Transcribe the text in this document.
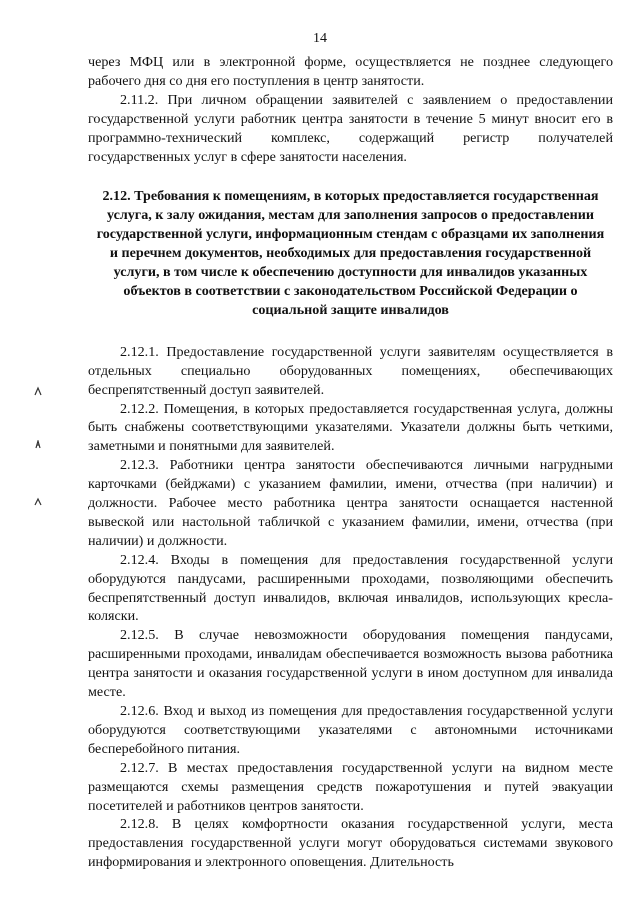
14

через МФЦ или в электронной форме, осуществляется не позднее следующего рабочего дня со дня его поступления в центр занятости.

2.11.2. При личном обращении заявителей с заявлением о предоставлении государственной услуги работник центра занятости в течение 5 минут вносит его в программно-технический комплекс, содержащий регистр получателей государственных услуг в сфере занятости населения.

2.12. Требования к помещениям, в которых предоставляется государственная услуга, к залу ожидания, местам для заполнения запросов о предоставлении государственной услуги, информационным стендам с образцами их заполнения и перечнем документов, необходимых для предоставления государственной услуги, в том числе к обеспечению доступности для инвалидов указанных объектов в соответствии с законодательством Российской Федерации о социальной защите инвалидов

2.12.1. Предоставление государственной услуги заявителям осуществляется в отдельных специально оборудованных помещениях, обеспечивающих беспрепятственный доступ заявителей.

2.12.2. Помещения, в которых предоставляется государственная услуга, должны быть снабжены соответствующими указателями. Указатели должны быть четкими, заметными и понятными для заявителей.

2.12.3. Работники центра занятости обеспечиваются личными нагрудными карточками (бейджами) с указанием фамилии, имени, отчества (при наличии) и должности. Рабочее место работника центра занятости оснащается настенной вывеской или настольной табличкой с указанием фамилии, имени, отчества (при наличии) и должности.

2.12.4. Входы в помещения для предоставления государственной услуги оборудуются пандусами, расширенными проходами, позволяющими обеспечить беспрепятственный доступ инвалидов, включая инвалидов, использующих кресла-коляски.

2.12.5. В случае невозможности оборудования помещения пандусами, расширенными проходами, инвалидам обеспечивается возможность вызова работника центра занятости и оказания государственной услуги в ином доступном для инвалида месте.

2.12.6. Вход и выход из помещения для предоставления государственной услуги оборудуются соответствующими указателями с автономными источниками бесперебойного питания.

2.12.7. В местах предоставления государственной услуги на видном месте размещаются схемы размещения средств пожаротушения и путей эвакуации посетителей и работников центров занятости.

2.12.8. В целях комфортности оказания государственной услуги, места предоставления государственной услуги могут оборудоваться системами звукового информирования и электронного оповещения. Длительность
